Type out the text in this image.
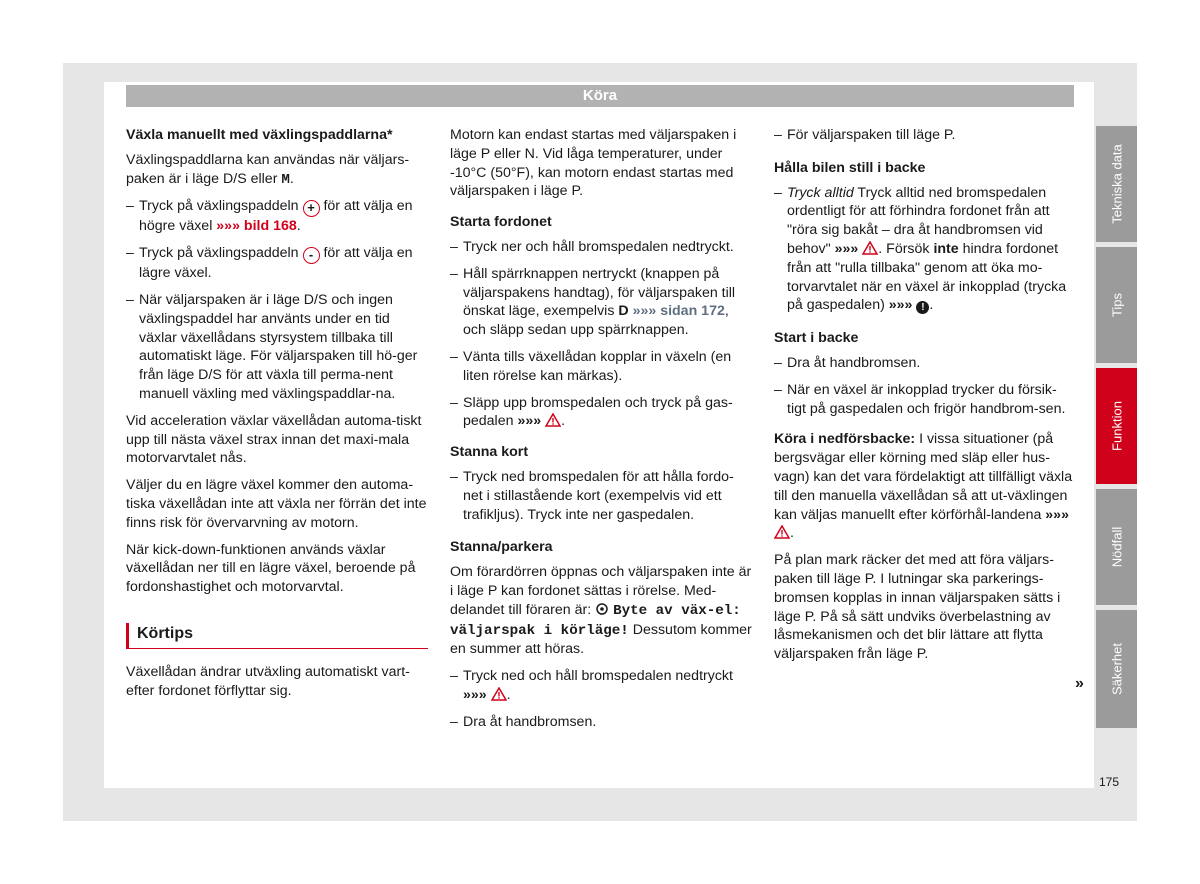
Köra
Växla manuellt med växlingspaddlarna*

Växlingspaddlarna kan användas när väljars-paken är i läge D/S eller M.

– Tryck på växlingspaddeln + för att välja en högre växel »»» bild 168.
– Tryck på växlingspaddeln - för att välja en lägre växel.
– När väljarspaken är i läge D/S och ingen växlingspaddel har använts under en tid växlar växellådans styrsystem tillbaka till automatiskt läge. För väljarspaken till hö-ger från läge D/S för att växla till perma-nent manuell växling med växlingspaddlar-na.

Vid acceleration växlar växellådan automa-tiskt upp till nästa växel strax innan det maxi-mala motorvarvtalet nås.

Väljer du en lägre växel kommer den automa-tiska växellådan inte att växla ner förrän det inte finns risk för övervarvning av motorn.

När kick-down-funktionen används växlar växellådan ner till en lägre växel, beroende på fordonshastighet och motorvarvtal.

Körtips

Växellådan ändrar utväxling automatiskt vart-efter fordonet förflyttar sig.

Motorn kan endast startas med väljarspaken i läge P eller N. Vid låga temperaturer, under -10°C (50°F), kan motorn endast startas med väljarspaken i läge P.

Starta fordonet
– Tryck ner och håll bromspedalen nedtryckt.
– Håll spärrknappen nertryckt (knappen på väljarspakens handtag), för väljarspaken till önskat läge, exempelvis D »»» sidan 172, och släpp sedan upp spärrknappen.
– Vänta tills växellådan kopplar in växeln (en liten rörelse kan märkas).
– Släpp upp bromspedalen och tryck på gas-pedalen »»» .
Stanna kort
– Tryck ned bromspedalen för att hålla fordo-net i stillastående kort (exempelvis vid ett trafikljus). Tryck inte ner gaspedalen.
Stanna/parkera

Om förardörren öppnas och väljarspaken inte är i läge P kan fordonet sättas i rörelse. Med-delandet till föraren är:  Byte av väx-el: väljarspak i körläge! Dessutom kommer en summer att höras.

– Tryck ned och håll bromspedalen nedtryckt »»» .
– Dra åt handbromsen.
– För väljarspaken till läge P.
Hålla bilen still i backe
– Tryck alltid Tryck alltid ned bromspedalen ordentligt för att förhindra fordonet från att "röra sig bakåt – dra åt handbromsen vid behov" »»» . Försök inte hindra fordonet från att "rulla tillbaka" genom att öka mo-torvarvtalet när en växel är inkopplad (trycka på gaspedalen) »»» ! .
Start i backe
– Dra åt handbromsen.
– När en växel är inkopplad trycker du försik-tigt på gaspedalen och frigör handbrom-sen.

Köra i nedförsbacke: I vissa situationer (på bergsvägar eller körning med släp eller hus-vagn) kan det vara fördelaktigt att tillfälligt växla till den manuella växellådan så att ut-växlingen kan väljas manuellt efter körförhål-landena »»» .

På plan mark räcker det med att föra väljars-paken till läge P. I lutningar ska parkerings-bromsen kopplas in innan väljarspaken sätts i läge P. På så sätt undviks överbelastning av låsmekanismen och det blir lättare att flytta väljarspaken från läge P.

»
Tekniska data
Tips
Funktion
Nödfall
Säkerhet
175
